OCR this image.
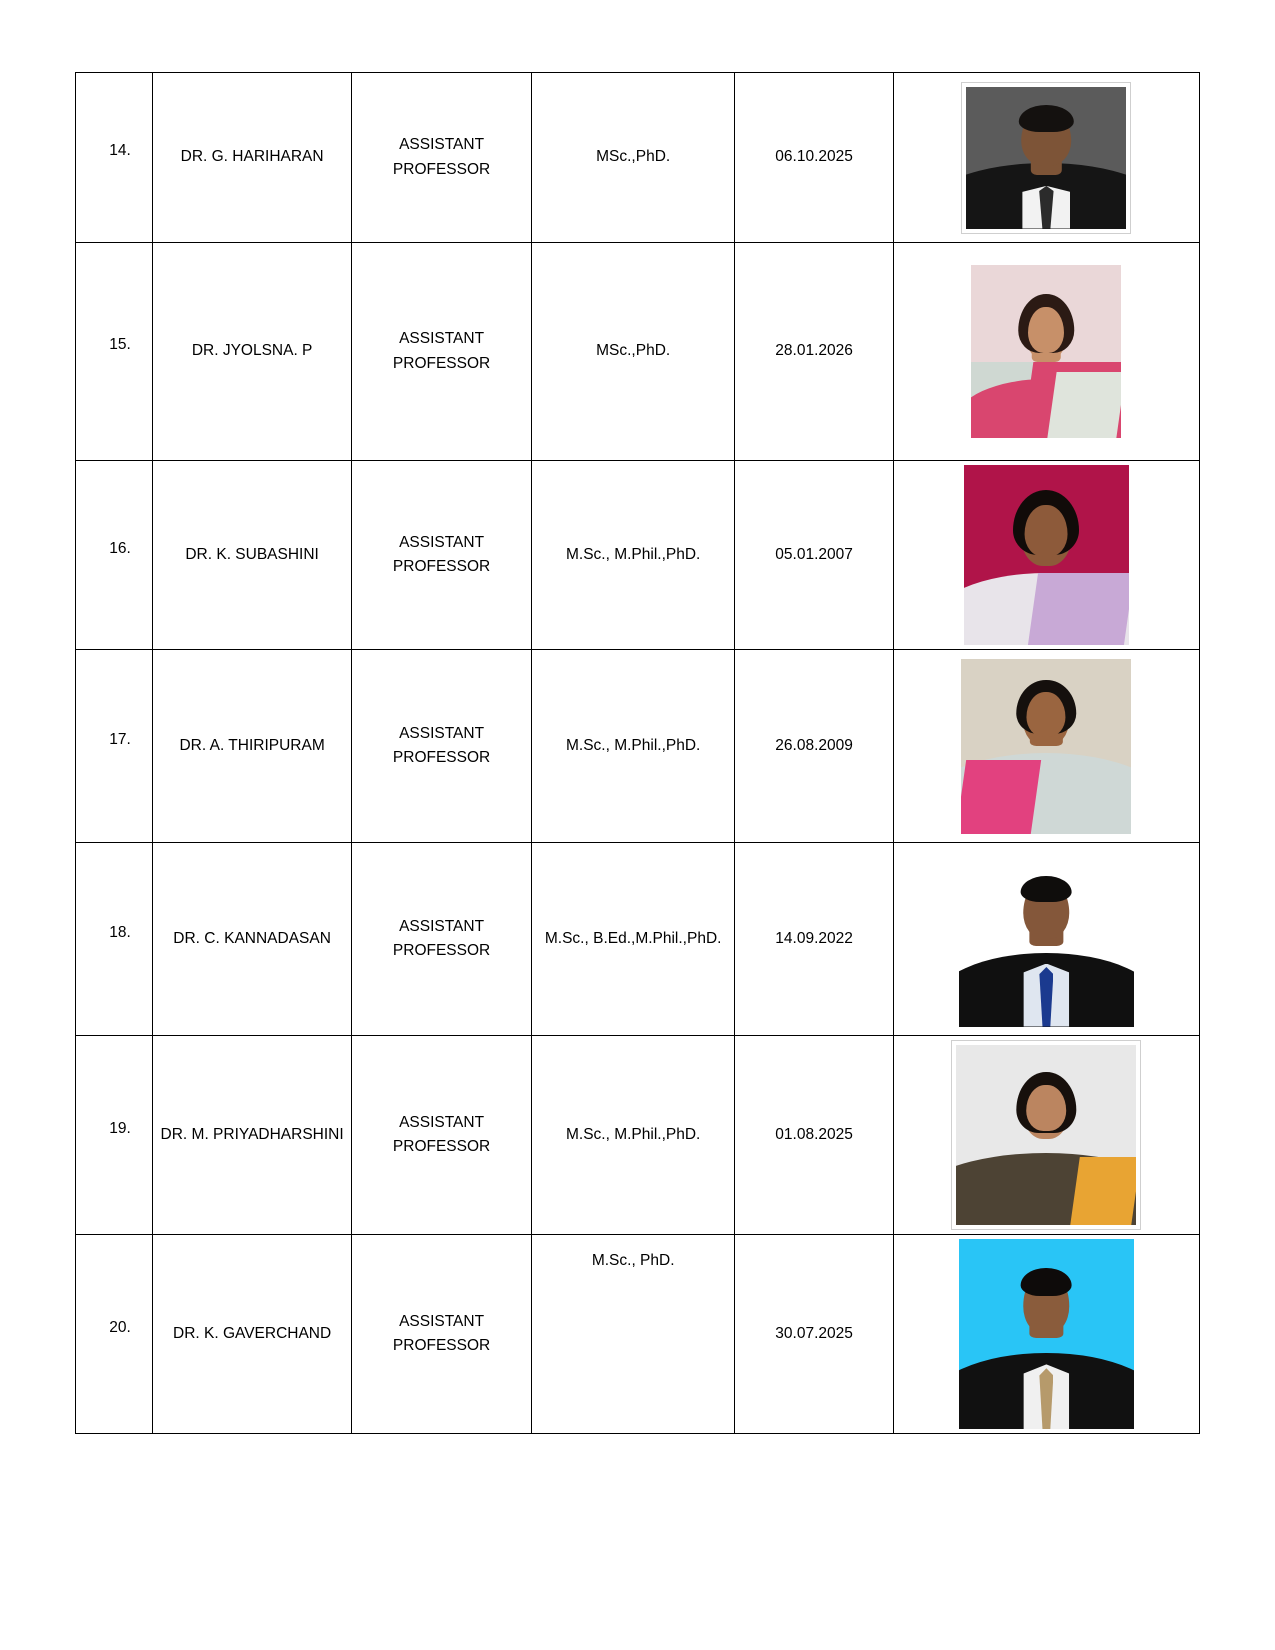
14.	DR. G. HARIHARAN	ASSISTANT PROFESSOR	MSc.,PhD.	06.10.2025	

15.	DR. JYOLSNA. P	ASSISTANT PROFESSOR	MSc.,PhD.	28.01.2026	

16.	DR. K. SUBASHINI	ASSISTANT PROFESSOR	M.Sc., M.Phil.,PhD.	05.01.2007	

17.	DR. A. THIRIPURAM	ASSISTANT PROFESSOR	M.Sc., M.Phil.,PhD.	26.08.2009	

18.	DR. C. KANNADASAN	ASSISTANT PROFESSOR	M.Sc., B.Ed.,M.Phil.,PhD.	14.09.2022	

19.	DR. M. PRIYADHARSHINI	ASSISTANT PROFESSOR	M.Sc., M.Phil.,PhD.	01.08.2025	

20.	DR. K. GAVERCHAND	ASSISTANT PROFESSOR	M.Sc., PhD.	30.07.2025	
